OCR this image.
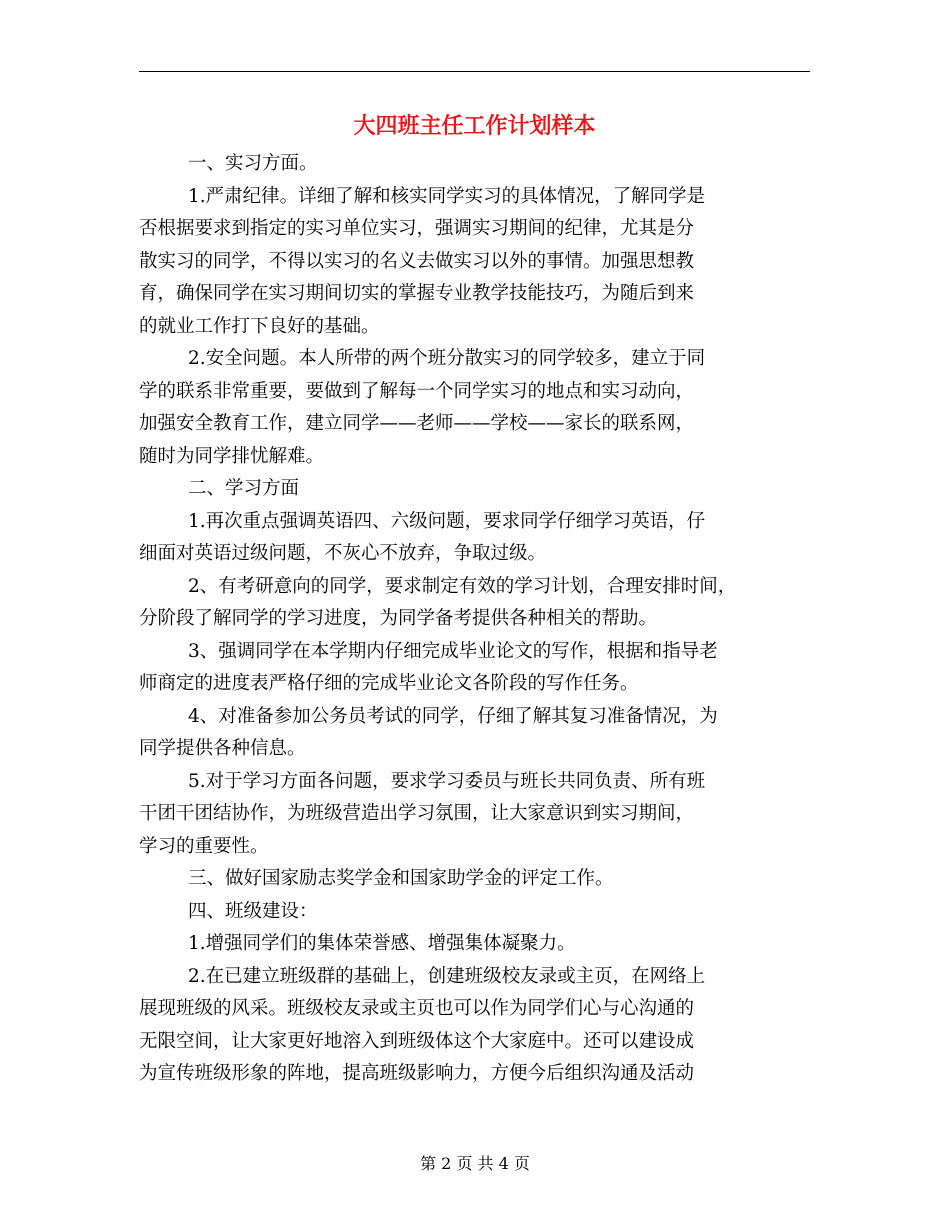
大四班主任工作计划样本
一、实习方面。
1.严肃纪律。详细了解和核实同学实习的具体情况，了解同学是
否根据要求到指定的实习单位实习，强调实习期间的纪律，尤其是分
散实习的同学，不得以实习的名义去做实习以外的事情。加强思想教
育，确保同学在实习期间切实的掌握专业教学技能技巧，为随后到来
的就业工作打下良好的基础。
2.安全问题。本人所带的两个班分散实习的同学较多，建立于同
学的联系非常重要，要做到了解每一个同学实习的地点和实习动向，
加强安全教育工作，建立同学——老师——学校——家长的联系网，
随时为同学排忧解难。
二、学习方面
1.再次重点强调英语四、六级问题，要求同学仔细学习英语，仔
细面对英语过级问题，不灰心不放弃，争取过级。
2、有考研意向的同学，要求制定有效的学习计划，合理安排时间，
分阶段了解同学的学习进度，为同学备考提供各种相关的帮助。
3、强调同学在本学期内仔细完成毕业论文的写作，根据和指导老
师商定的进度表严格仔细的完成毕业论文各阶段的写作任务。
4、对准备参加公务员考试的同学，仔细了解其复习准备情况，为
同学提供各种信息。
5.对于学习方面各问题，要求学习委员与班长共同负责、所有班
干团干团结协作，为班级营造出学习氛围，让大家意识到实习期间，
学习的重要性。
三、做好国家励志奖学金和国家助学金的评定工作。
四、班级建设：
1.增强同学们的集体荣誉感、增强集体凝聚力。
2.在已建立班级群的基础上，创建班级校友录或主页，在网络上
展现班级的风采。班级校友录或主页也可以作为同学们心与心沟通的
无限空间，让大家更好地溶入到班级体这个大家庭中。还可以建设成
为宣传班级形象的阵地，提高班级影响力，方便今后组织沟通及活动
第 2 页 共 4 页
